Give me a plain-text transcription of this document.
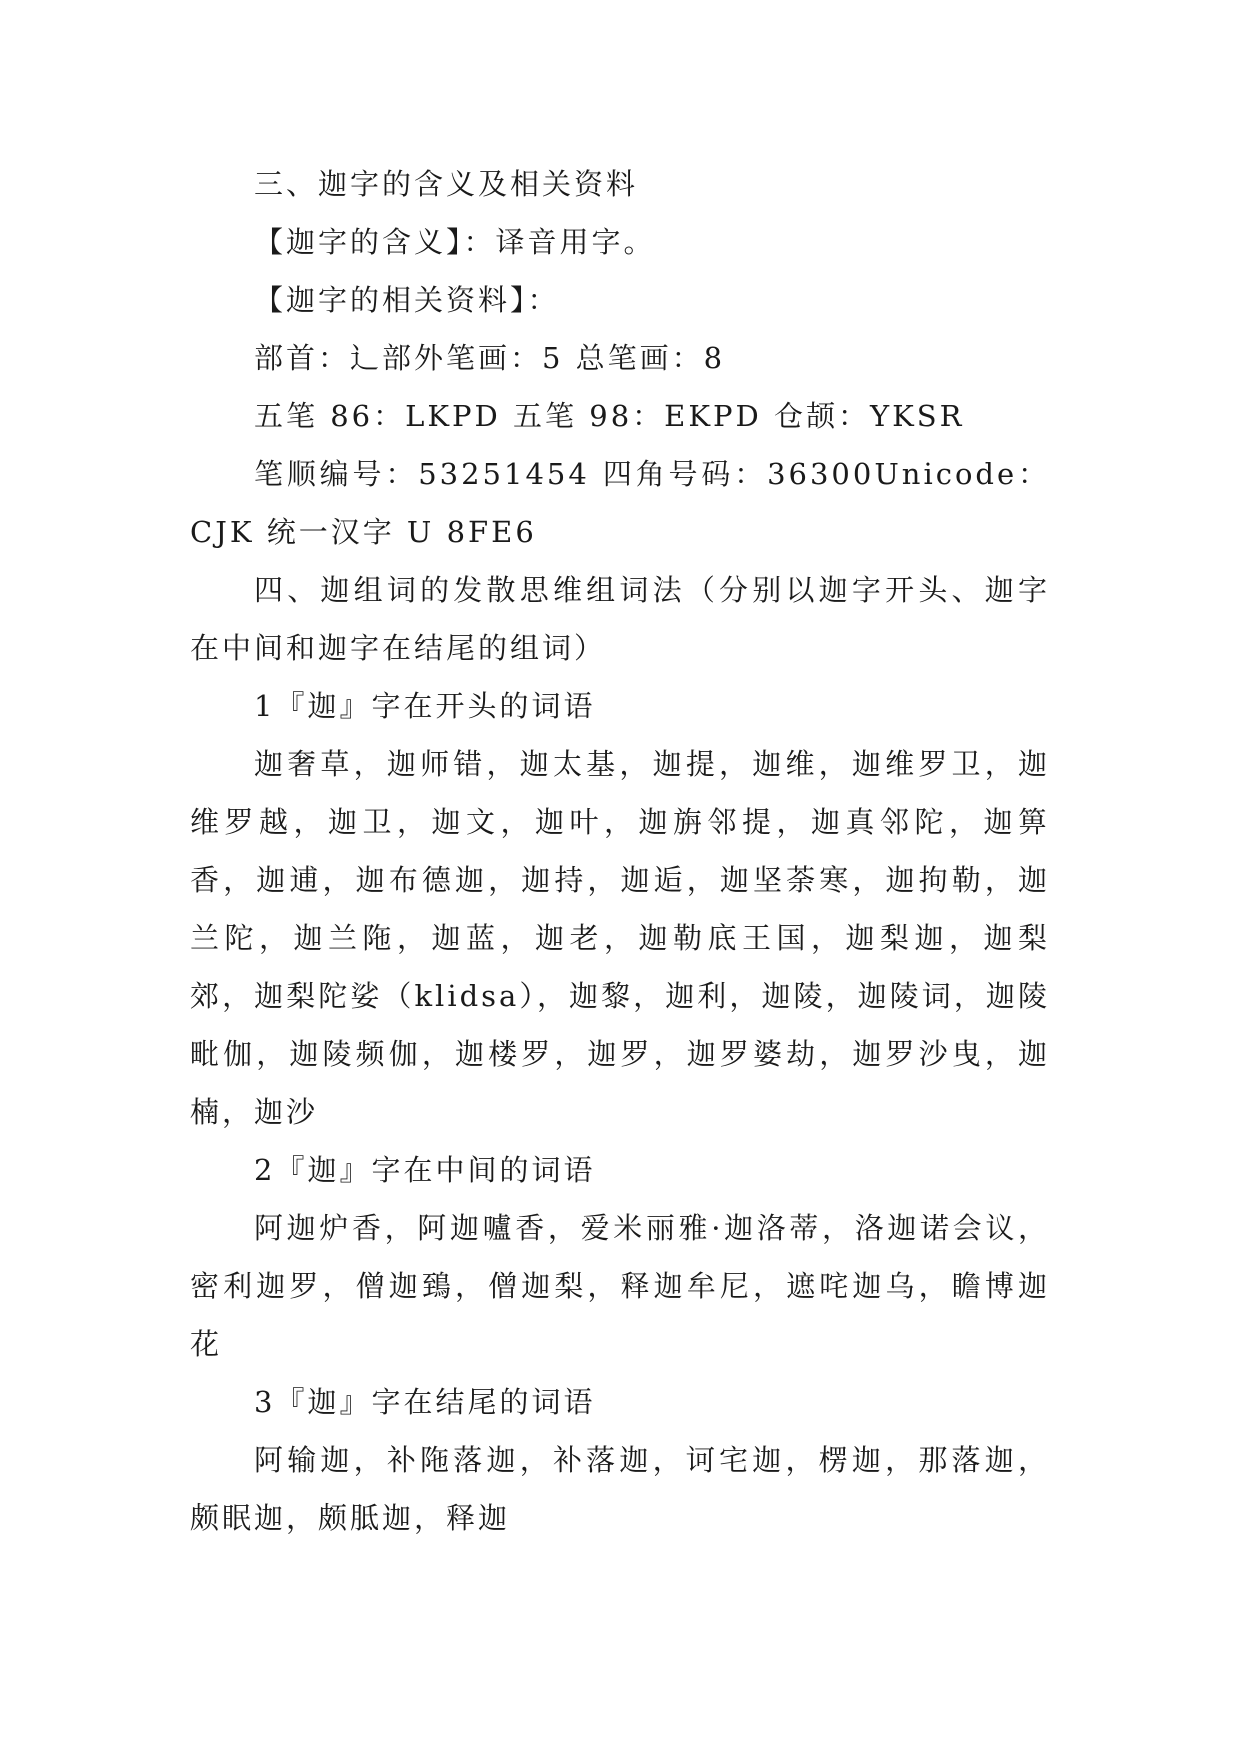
三、迦字的含义及相关资料

【迦字的含义】：译音用字。

【迦字的相关资料】：

部首：辶部外笔画：5 总笔画：8

五笔 86：LKPD 五笔 98：EKPD 仓颉：YKSR

笔顺编号：53251454 四角号码：36300Unicode：CJK 统一汉字 U 8FE6

四、迦组词的发散思维组词法（分别以迦字开头、迦字在中间和迦字在结尾的组词）

1『迦』字在开头的词语

迦奢草，迦师错，迦太基，迦提，迦维，迦维罗卫，迦维罗越，迦卫，迦文，迦叶，迦旃邻提，迦真邻陀，迦箅香，迦逋，迦布德迦，迦持，迦逅，迦坚荼寒，迦拘勒，迦兰陀，迦兰陁，迦蓝，迦老，迦勒底王国，迦梨迦，迦梨郊，迦梨陀娑（klidsa），迦黎，迦利，迦陵，迦陵词，迦陵毗伽，迦陵频伽，迦楼罗，迦罗，迦罗婆劫，迦罗沙曳，迦楠，迦沙

2『迦』字在中间的词语

阿迦炉香，阿迦嚧香，爱米丽雅·迦洛蒂，洛迦诺会议，密利迦罗，僧迦鵄，僧迦梨，释迦牟尼，遮咤迦乌，瞻博迦花

3『迦』字在结尾的词语

阿输迦，补陁落迦，补落迦，诃宅迦，楞迦，那落迦，颇眠迦，颇胝迦，释迦
